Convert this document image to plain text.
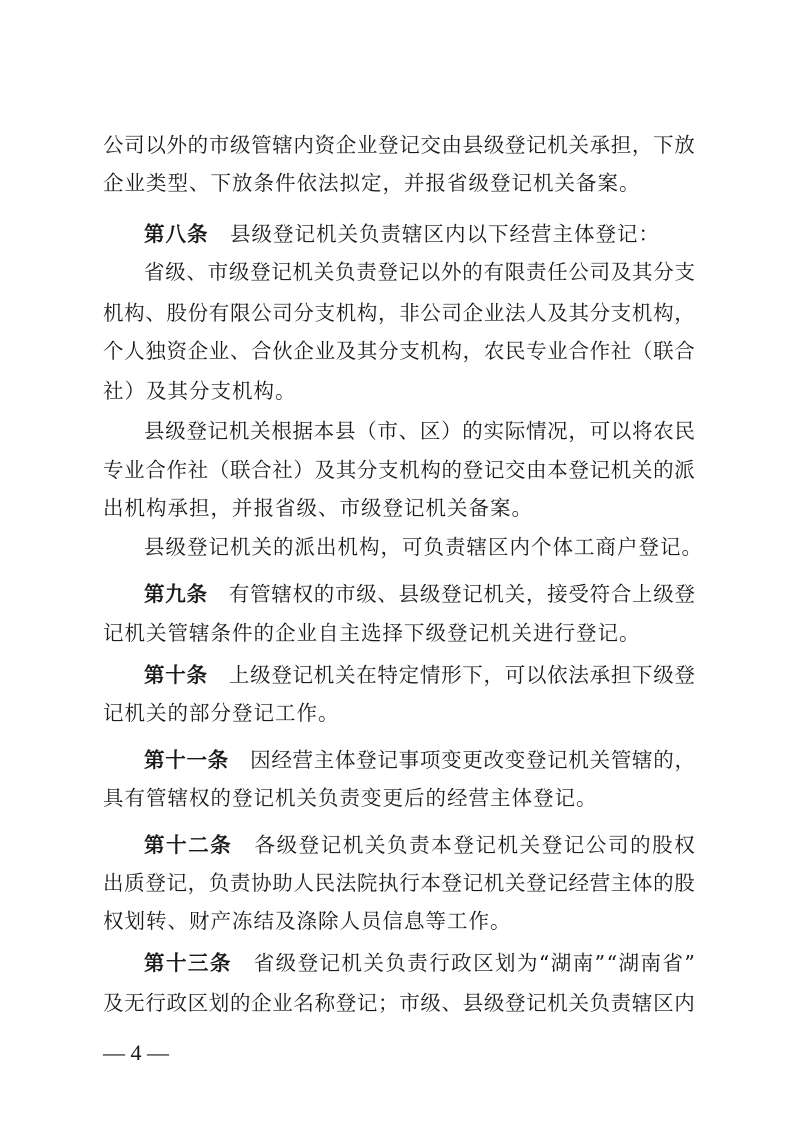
公 司 以 外 的 市 级 管 辖 内 资 企 业 登 记 交 由 县 级 登 记 机 关 承 担 ， 下 放
企 业 类 型 、 下 放 条 件 依 法 拟 定 ， 并 报 省 级 登 记 机 关 备 案 。
第 八 条
　 县 级 登 记 机 关 负 责 辖 区 内 以 下 经 营 主 体 登 记 ：
省 级 、 市 级 登 记 机 关 负 责 登 记 以 外 的 有 限 责 任 公 司 及 其 分 支
机 构 、 股 份 有 限 公 司 分 支 机 构 ， 非 公 司 企 业 法 人 及 其 分 支 机 构 ，
个 人 独 资 企 业 、 合 伙 企 业 及 其 分 支 机 构 ， 农 民 专 业 合 作 社 （ 联 合
社 ） 及 其 分 支 机 构 。
县 级 登 记 机 关 根 据 本 县 （ 市 、 区 ） 的 实 际 情 况 ， 可 以 将 农 民
专 业 合 作 社 （ 联 合 社 ） 及 其 分 支 机 构 的 登 记 交 由 本 登 记 机 关 的 派
出 机 构 承 担 ， 并 报 省 级 、 市 级 登 记 机 关 备 案 。
县 级 登 记 机 关 的 派 出 机 构 ， 可 负 责 辖 区 内 个 体 工 商 户 登 记 。
第 九 条
　 有 管 辖 权 的 市 级 、 县 级 登 记 机 关 ， 接 受 符 合 上 级 登
记 机 关 管 辖 条 件 的 企 业 自 主 选 择 下 级 登 记 机 关 进 行 登 记 。
第 十 条
　 上 级 登 记 机 关 在 特 定 情 形 下 ， 可 以 依 法 承 担 下 级 登
记 机 关 的 部 分 登 记 工 作 。
第 十 一 条
　 因 经 营 主 体 登 记 事 项 变 更 改 变 登 记 机 关 管 辖 的 ，
具 有 管 辖 权 的 登 记 机 关 负 责 变 更 后 的 经 营 主 体 登 记 。
第 十 二 条
　 各 级 登 记 机 关 负 责 本 登 记 机 关 登 记 公 司 的 股 权
出 质 登 记 ， 负 责 协 助 人 民 法 院 执 行 本 登 记 机 关 登 记 经 营 主 体 的 股
权 划 转 、 财 产 冻 结 及 涤 除 人 员 信 息 等 工 作 。
第 十 三 条
　 省 级 登 记 机 关 负 责 行 政 区 划 为 “ 湖 南 ” “ 湖 南 省 ”
及 无 行 政 区 划 的 企 业 名 称 登 记 ； 市 级 、 县 级 登 记 机 关 负 责 辖 区 内
— 4 —
